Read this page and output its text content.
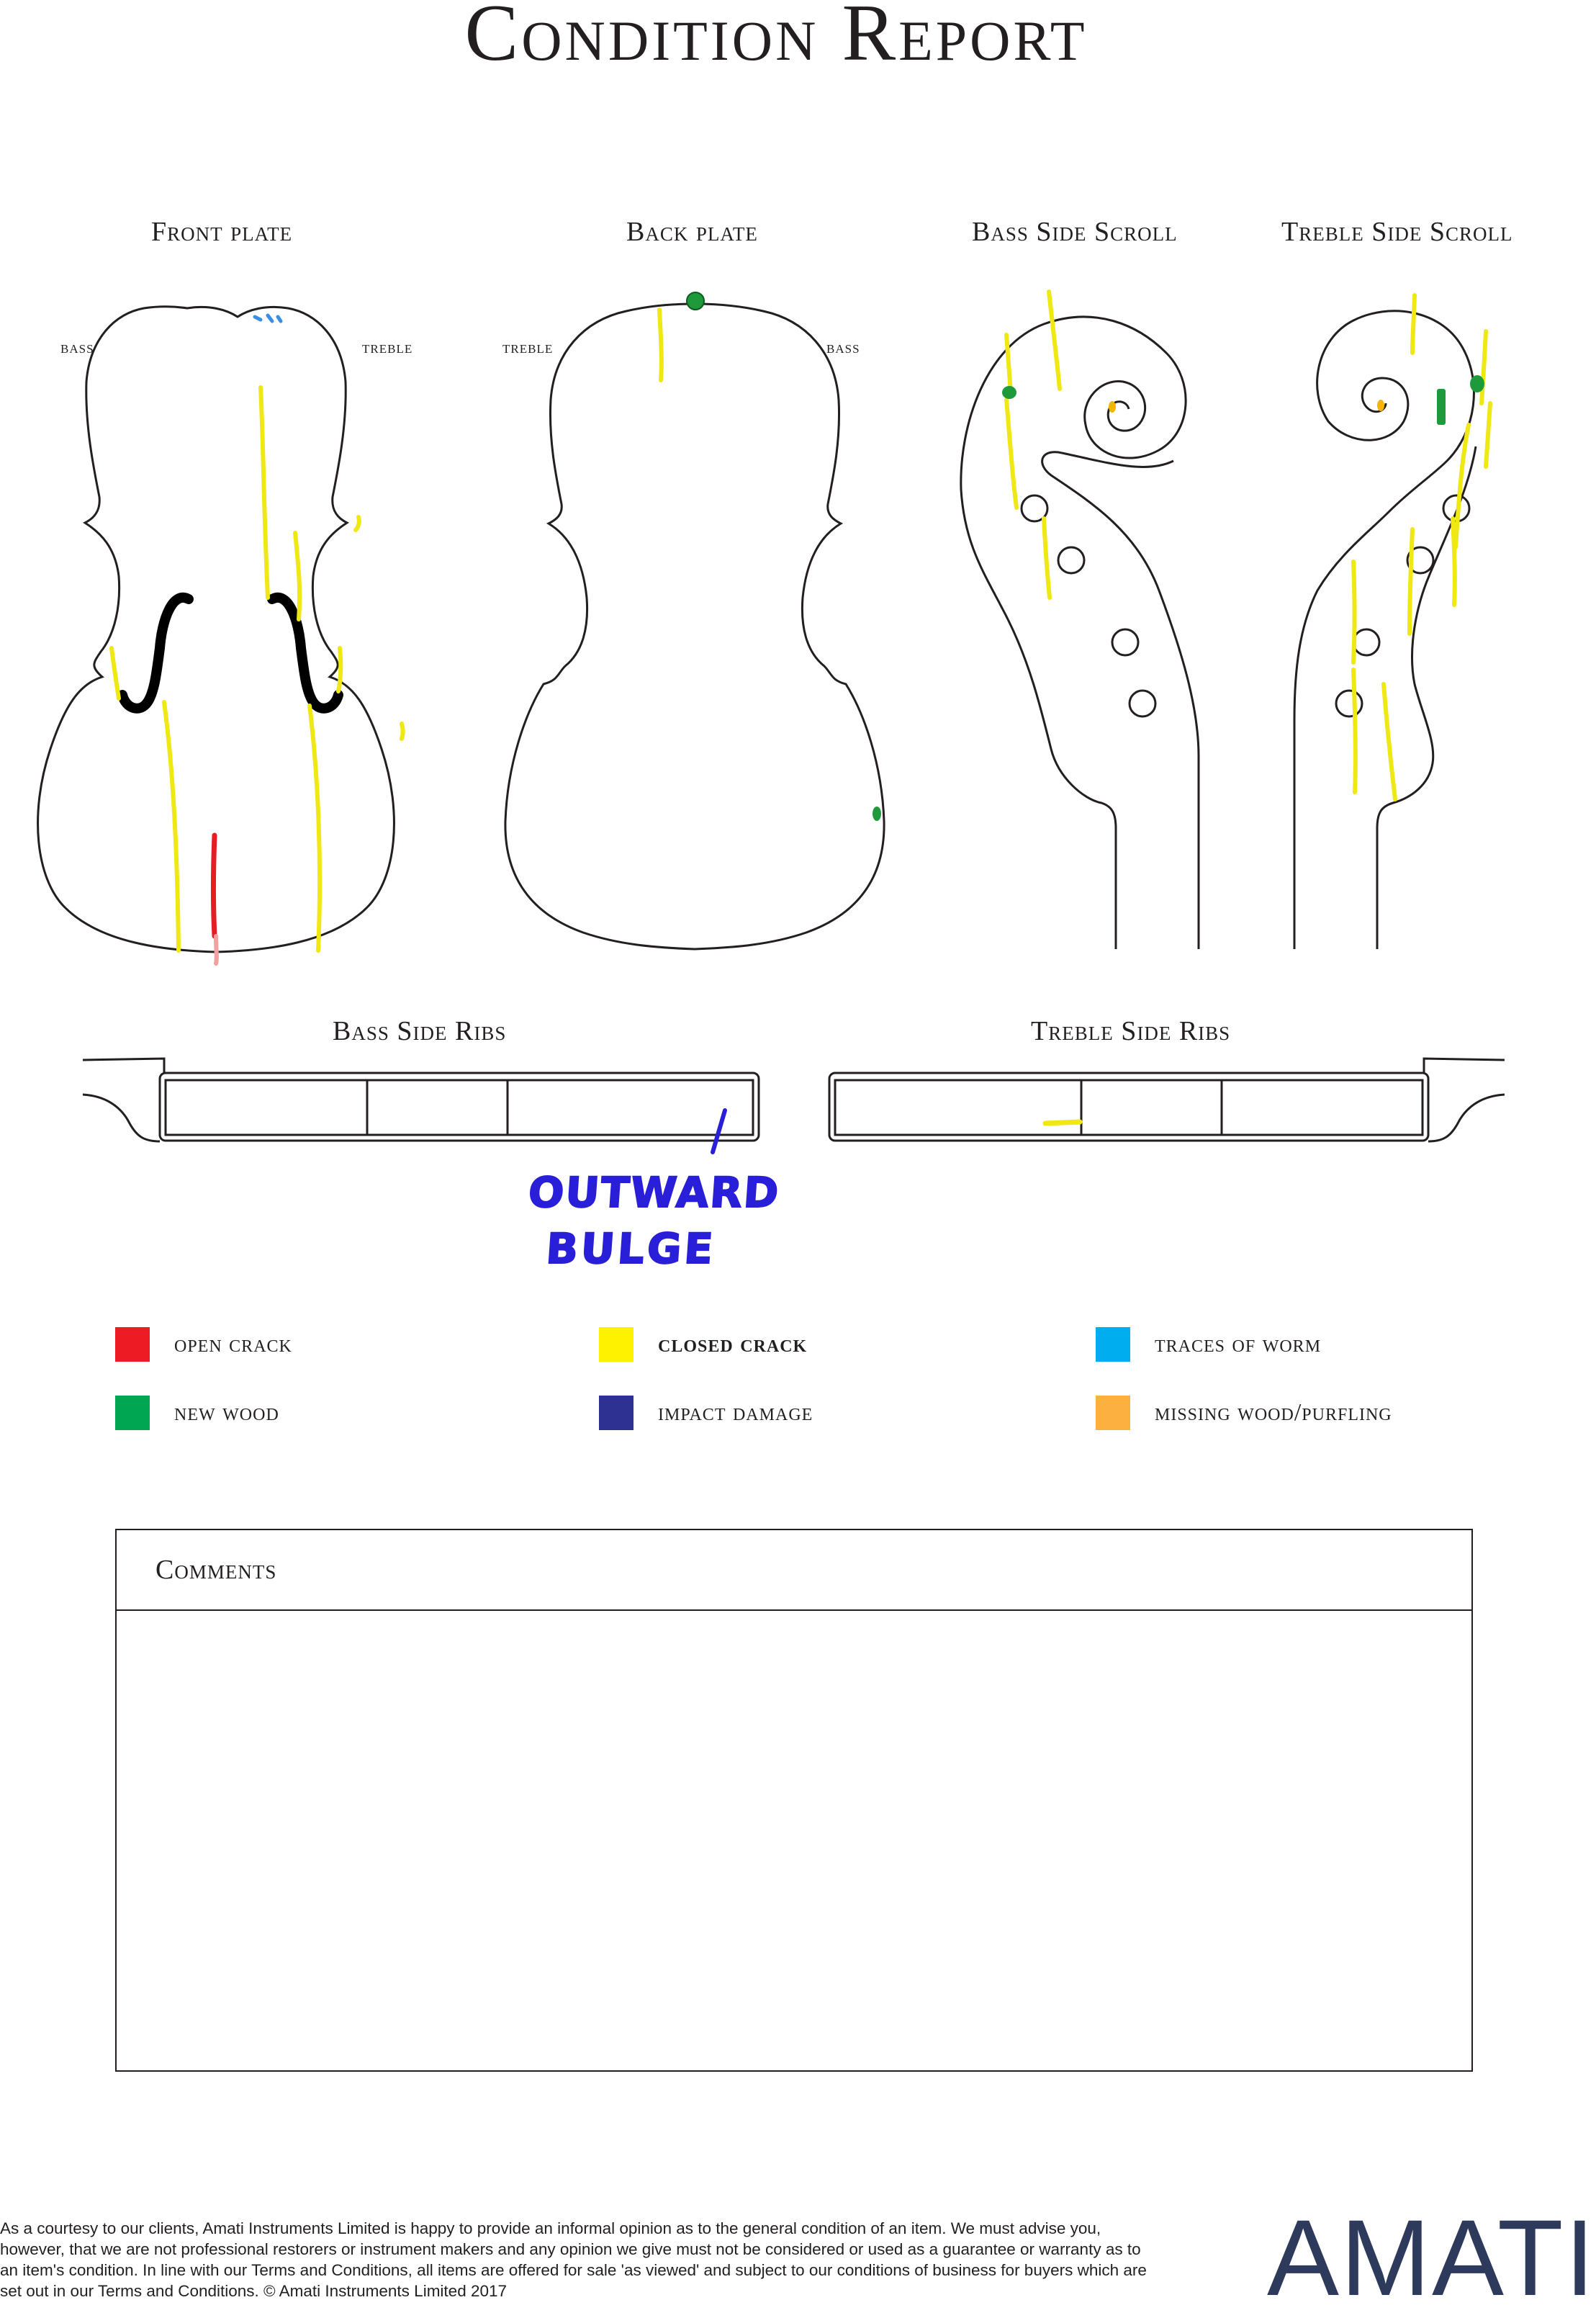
Condition Report
Front plate	Back plate	Bass Side Scroll	Treble Side Scroll
Bass Side Ribs	Treble Side Ribs
bass	treble	treble	bass
OUTWARD
BULGE
open crack	closed crack	traces of worm
new wood	impact damage	missing wood/purfling
Comments

As a courtesy to our clients, Amati Instruments Limited is happy to provide an informal opinion as to the general condition of an item. We must advise you, however, that we are not professional restorers or instrument makers and any opinion we give must not be considered or used as a guarantee or warranty as to an item's condition. In line with our Terms and Conditions, all items are offered for sale 'as viewed' and subject to our conditions of business for buyers which are set out in our Terms and Conditions. © Amati Instruments Limited 2017	AMATI
